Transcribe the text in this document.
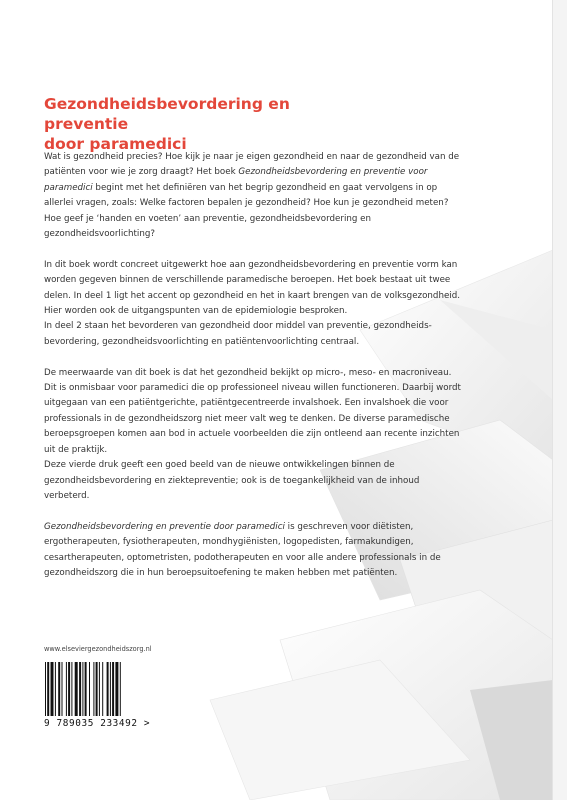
Gezondheidsbevordering en preventie
door paramedici

Wat is gezondheid precies? Hoe kijk je naar je eigen gezondheid en naar de gezondheid van de patiënten voor wie je zorg draagt? Het boek Gezondheidsbevordering en preventie voor paramedici begint met het definiëren van het begrip gezondheid en gaat vervolgens in op allerlei vragen, zoals: Welke factoren bepalen je gezondheid? Hoe kun je gezondheid meten? Hoe geef je ‘handen en voeten’ aan preventie, gezondheidsbevordering en gezondheidsvoorlichting?

In dit boek wordt concreet uitgewerkt hoe aan gezondheidsbevordering en preventie vorm kan worden gegeven binnen de verschillende paramedische beroepen. Het boek bestaat uit twee delen. In deel 1 ligt het accent op gezondheid en het in kaart brengen van de volksgezondheid. Hier worden ook de uitgangspunten van de epidemiologie besproken.

In deel 2 staan het bevorderen van gezondheid door middel van preventie, gezondheidsbevordering, gezondheidsvoorlichting en patiëntenvoorlichting centraal.

De meerwaarde van dit boek is dat het gezondheid bekijkt op micro-, meso- en macroniveau. Dit is onmisbaar voor paramedici die op professioneel niveau willen functioneren. Daarbij wordt uitgegaan van een patiëntgerichte, patiëntgecentreerde invalshoek. Een invalshoek die voor professionals in de gezondheidszorg niet meer valt weg te denken. De diverse paramedische beroepsgroepen komen aan bod in actuele voorbeelden die zijn ontleend aan recente inzichten uit de praktijk.

Deze vierde druk geeft een goed beeld van de nieuwe ontwikkelingen binnen de gezondheidsbevordering en ziektepreventie; ook is de toegankelijkheid van de inhoud verbeterd.

Gezondheidsbevordering en preventie door paramedici is geschreven voor diëtisten, ergotherapeuten, fysiotherapeuten, mondhygiënisten, logopedisten, farmakundigen, cesartherapeuten, optometristen, podotherapeuten en voor alle andere professionals in de gezondheidszorg die in hun beroepsuitoefening te maken hebben met patiënten.

www.elseviergezondheidszorg.nl
9 789035 233492 >
